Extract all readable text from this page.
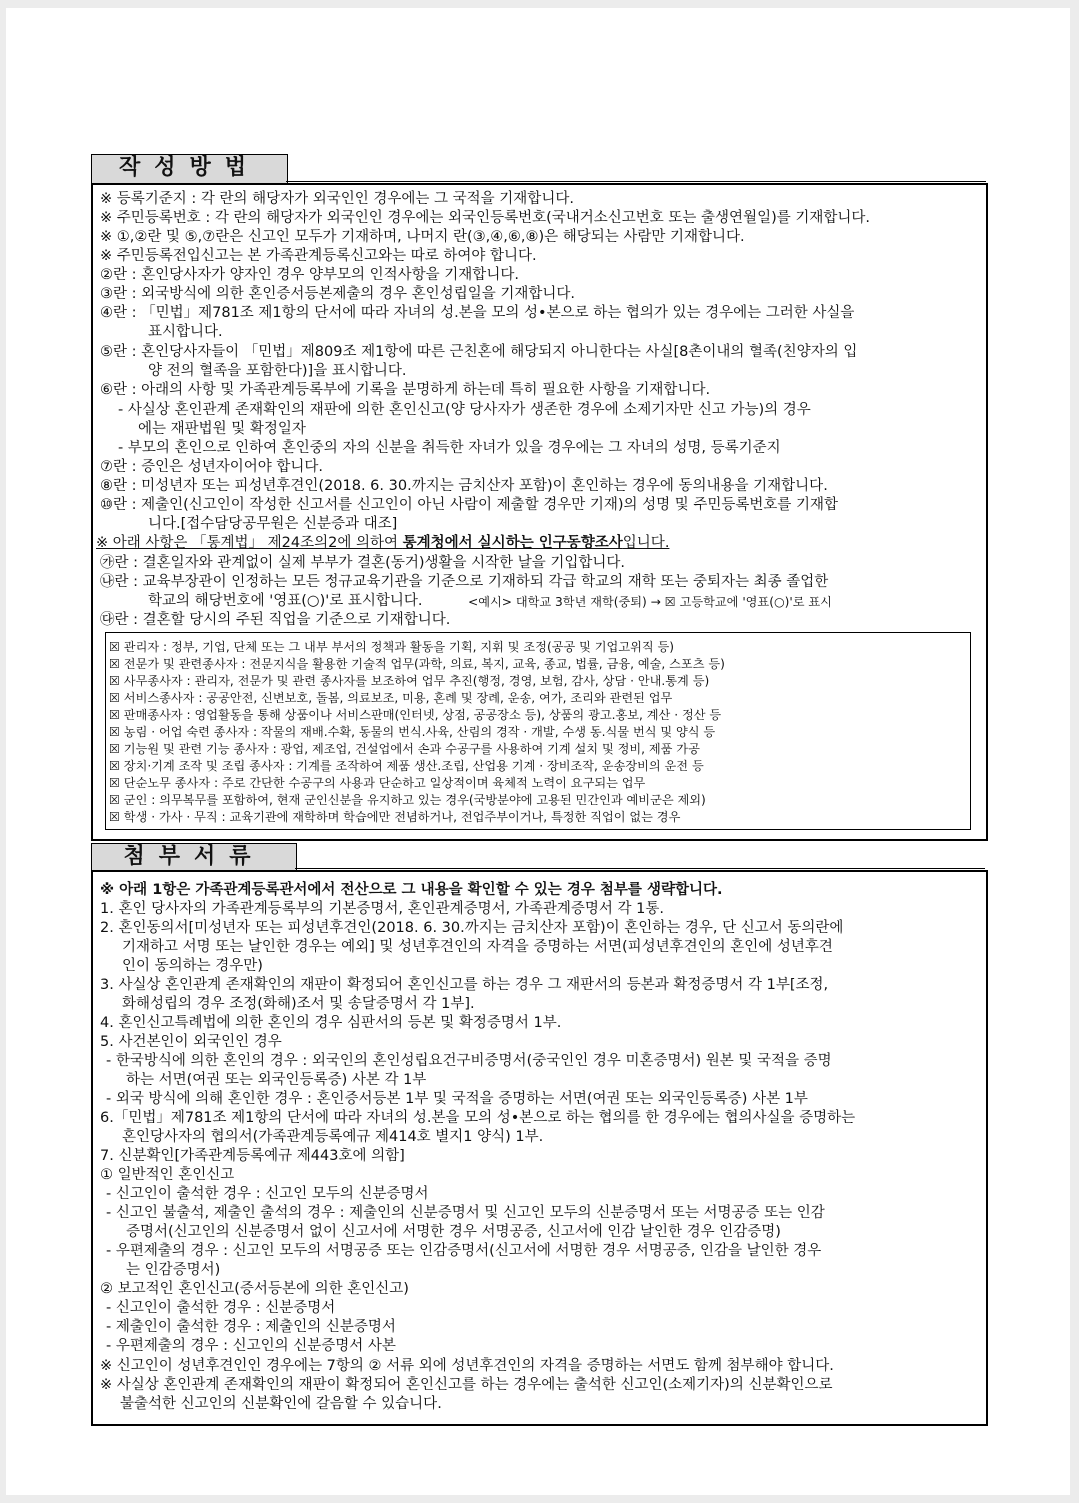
작성방법
※ 등록기준지 : 각 란의 해당자가 외국인인 경우에는 그 국적을 기재합니다.
※ 주민등록번호 : 각 란의 해당자가 외국인인 경우에는 외국인등록번호(국내거소신고번호 또는 출생연월일)를 기재합니다.
※ ①,②란 및 ⑤,⑦란은 신고인 모두가 기재하며, 나머지 란(③,④,⑥,⑧)은 해당되는 사람만 기재합니다.
※ 주민등록전입신고는 본 가족관계등록신고와는 따로 하여야 합니다.
②란 : 혼인당사자가 양자인 경우 양부모의 인적사항을 기재합니다.
③란 : 외국방식에 의한 혼인증서등본제출의 경우 혼인성립일을 기재합니다.
④란 : 「민법」제781조 제1항의 단서에 따라 자녀의 성.본을 모의 성•본으로 하는 협의가 있는 경우에는 그러한 사실을
표시합니다.
⑤란 : 혼인당사자들이 「민법」제809조 제1항에 따른 근친혼에 해당되지 아니한다는 사실[8촌이내의 혈족(친양자의 입
양 전의 혈족을 포함한다)]을 표시합니다.
⑥란 : 아래의 사항 및 가족관계등록부에 기록을 분명하게 하는데 특히 필요한 사항을 기재합니다.
- 사실상 혼인관계 존재확인의 재판에 의한 혼인신고(양 당사자가 생존한 경우에 소제기자만 신고 가능)의 경우
에는 재판법원 및 확정일자
- 부모의 혼인으로 인하여 혼인중의 자의 신분을 취득한 자녀가 있을 경우에는 그 자녀의 성명, 등록기준지
⑦란 : 증인은 성년자이어야 합니다.
⑧란 : 미성년자 또는 피성년후견인(2018. 6. 30.까지는 금치산자 포함)이 혼인하는 경우에 동의내용을 기재합니다.
⑩란 : 제출인(신고인이 작성한 신고서를 신고인이 아닌 사람이 제출할 경우만 기재)의 성명 및 주민등록번호를 기재합
니다.[접수담당공무원은 신분증과 대조]
※ 아래 사항은 「통계법」 제24조의2에 의하여 통계청에서 실시하는 인구동향조사입니다.
㉮란 : 결혼일자와 관계없이 실제 부부가 결혼(동거)생활을 시작한 날을 기입합니다.
㉯란 : 교육부장관이 인정하는 모든 정규교육기관을 기준으로 기재하되 각급 학교의 재학 또는 중퇴자는 최종 졸업한
학교의 해당번호에 '영표(○)'로 표시합니다.	<예시> 대학교 3학년 재학(중퇴) → ☒ 고등학교에 '영표(○)'로 표시
㉰란 : 결혼할 당시의 주된 직업을 기준으로 기재합니다.
☒ 관리자 : 정부, 기업, 단체 또는 그 내부 부서의 정책과 활동을 기획, 지휘 및 조정(공공 및 기업고위직 등)
☒ 전문가 및 관련종사자 : 전문지식을 활용한 기술적 업무(과학, 의료, 복지, 교육, 종교, 법률, 금융, 예술, 스포츠 등)
☒ 사무종사자 : 관리자, 전문가 및 관련 종사자를 보조하여 업무 추진(행정, 경영, 보험, 감사, 상담 · 안내.통계 등)
☒ 서비스종사자 : 공공안전, 신변보호, 돌봄, 의료보조, 미용, 혼례 및 장례, 운송, 여가, 조리와 관련된 업무
☒ 판매종사자 : 영업활동을 통해 상품이나 서비스판매(인터넷, 상점, 공공장소 등), 상품의 광고.홍보, 계산 · 정산 등
☒ 농림 · 어업 숙련 종사자 : 작물의 재배.수확, 동물의 번식.사육, 산림의 경작 · 개발, 수생 동.식물 번식 및 양식 등
☒ 기능원 및 관련 기능 종사자 : 광업, 제조업, 건설업에서 손과 수공구를 사용하여 기계 설치 및 정비, 제품 가공
☒ 장치·기계 조작 및 조립 종사자 : 기계를 조작하여 제품 생산.조립, 산업용 기계 · 장비조작, 운송장비의 운전 등
☒ 단순노무 종사자 : 주로 간단한 수공구의 사용과 단순하고 일상적이며 육체적 노력이 요구되는 업무
☒ 군인 : 의무복무를 포함하여, 현재 군인신분을 유지하고 있는 경우(국방분야에 고용된 민간인과 예비군은 제외)
☒ 학생 · 가사 · 무직 : 교육기관에 재학하며 학습에만 전념하거나, 전업주부이거나, 특정한 직업이 없는 경우
첨부서류
※ 아래 1항은 가족관계등록관서에서 전산으로 그 내용을 확인할 수 있는 경우 첨부를 생략합니다.
1. 혼인 당사자의 가족관계등록부의 기본증명서, 혼인관계증명서, 가족관계증명서 각 1통.
2. 혼인동의서[미성년자 또는 피성년후견인(2018. 6. 30.까지는 금치산자 포함)이 혼인하는 경우, 단 신고서 동의란에
기재하고 서명 또는 날인한 경우는 예외] 및 성년후견인의 자격을 증명하는 서면(피성년후견인의 혼인에 성년후견
인이 동의하는 경우만)
3. 사실상 혼인관계 존재확인의 재판이 확정되어 혼인신고를 하는 경우 그 재판서의 등본과 확정증명서 각 1부[조정,
화해성립의 경우 조정(화해)조서 및 송달증명서 각 1부].
4. 혼인신고특례법에 의한 혼인의 경우 심판서의 등본 및 확정증명서 1부.
5. 사건본인이 외국인인 경우
- 한국방식에 의한 혼인의 경우 : 외국인의 혼인성립요건구비증명서(중국인인 경우 미혼증명서) 원본 및 국적을 증명
하는 서면(여권 또는 외국인등록증) 사본 각 1부
- 외국 방식에 의해 혼인한 경우 : 혼인증서등본 1부 및 국적을 증명하는 서면(여권 또는 외국인등록증) 사본 1부
6.「민법」제781조 제1항의 단서에 따라 자녀의 성.본을 모의 성•본으로 하는 협의를 한 경우에는 협의사실을 증명하는
혼인당사자의 협의서(가족관계등록예규 제414호 별지1 양식) 1부.
7. 신분확인[가족관계등록예규 제443호에 의함]
① 일반적인 혼인신고
- 신고인이 출석한 경우 : 신고인 모두의 신분증명서
- 신고인 불출석, 제출인 출석의 경우 : 제출인의 신분증명서 및 신고인 모두의 신분증명서 또는 서명공증 또는 인감
증명서(신고인의 신분증명서 없이 신고서에 서명한 경우 서명공증, 신고서에 인감 날인한 경우 인감증명)
- 우편제출의 경우 : 신고인 모두의 서명공증 또는 인감증명서(신고서에 서명한 경우 서명공증, 인감을 날인한 경우
는 인감증명서)
② 보고적인 혼인신고(증서등본에 의한 혼인신고)
- 신고인이 출석한 경우 : 신분증명서
- 제출인이 출석한 경우 : 제출인의 신분증명서
- 우편제출의 경우 : 신고인의 신분증명서 사본
※ 신고인이 성년후견인인 경우에는 7항의 ② 서류 외에 성년후견인의 자격을 증명하는 서면도 함께 첨부해야 합니다.
※ 사실상 혼인관계 존재확인의 재판이 확정되어 혼인신고를 하는 경우에는 출석한 신고인(소제기자)의 신분확인으로
불출석한 신고인의 신분확인에 갈음할 수 있습니다.
